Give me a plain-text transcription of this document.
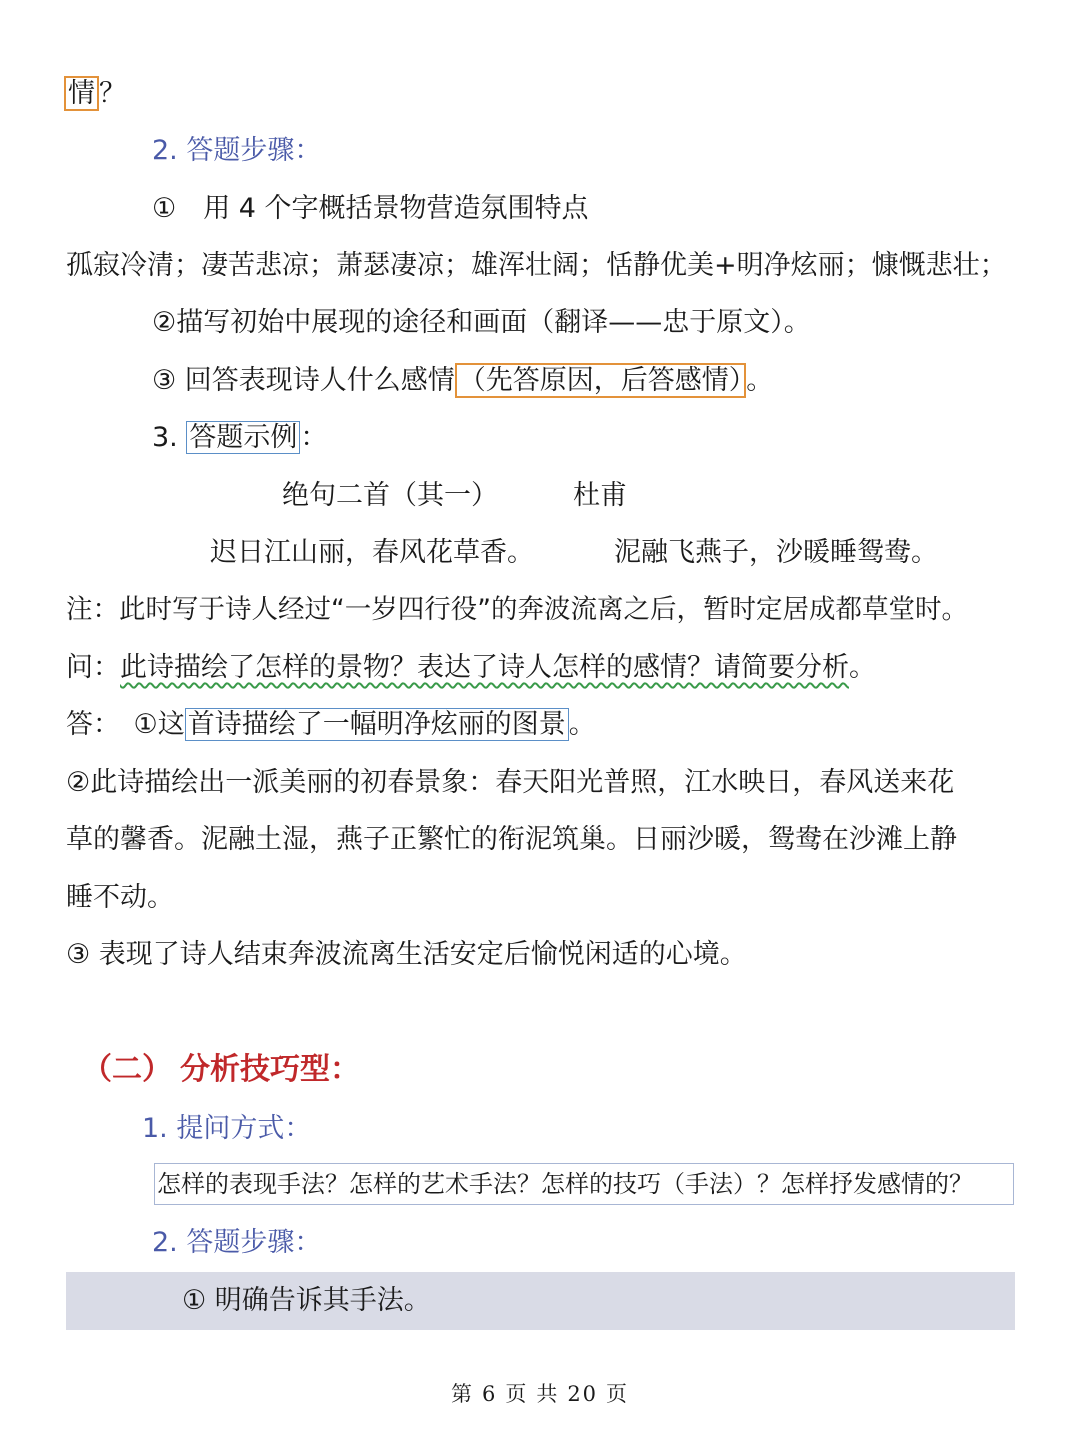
情 ？
2. 答题步骤：
①　用 4 个字概括景物营造氛围特点
孤寂冷清；凄苦悲凉；萧瑟凄凉；雄浑壮阔；恬静优美+明净炫丽；慷慨悲壮；
②描写初始中展现的途径和画面（翻译——忠于原文）。
③ 回答表现诗人什么感情 （先答原因，后答感情） 。
3. 答题示例 ：
绝句二首（其一）	杜甫
迟日江山丽，春风花草香。	泥融飞燕子，沙暖睡鸳鸯。
注：此时写于诗人经过“一岁四行役”的奔波流离之后，暂时定居成都草堂时。
问：此诗描绘了怎样的景物？表达了诗人怎样的感情？请简要分析。
答：　①这 首诗描绘了一幅明净炫丽的图景 。
②此诗描绘出一派美丽的初春景象：春天阳光普照，江水映日，春风送来花
草的馨香。泥融土湿，燕子正繁忙的衔泥筑巢。日丽沙暖，鸳鸯在沙滩上静
睡不动。
③ 表现了诗人结束奔波流离生活安定后愉悦闲适的心境。
（二） 分析技巧型：
1. 提问方式：
怎样的表现手法？怎样的艺术手法？怎样的技巧（手法）？怎样抒发感情的？
2. 答题步骤：
① 明确告诉其手法。
第 6 页 共 20 页
